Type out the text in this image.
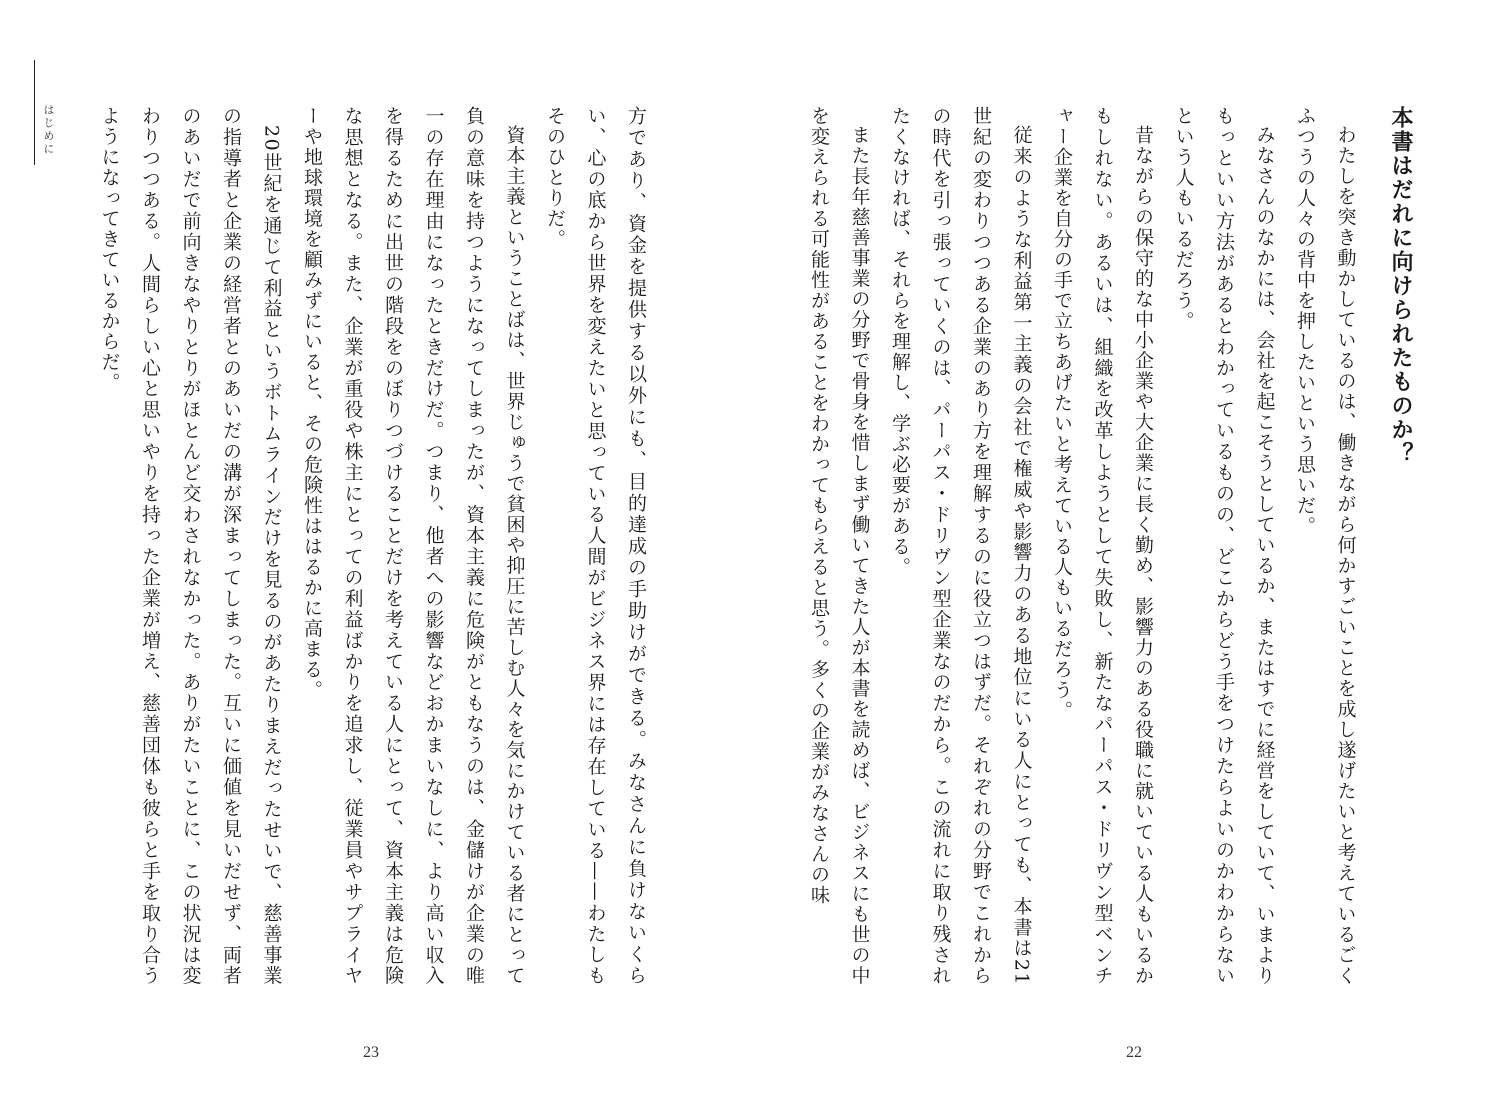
はじめに	方であり、資金を提供する以外にも、目的達成の手助けができる。みなさんに負けないくらい、心の底から世界を変えたいと思っている人間がビジネス界には存在している——わたしもそのひとりだ。

資本主義ということばは、世界じゅうで貧困や抑圧に苦しむ人々を気にかけている者にとって負の意味を持つようになってしまったが、資本主義に危険がともなうのは、金儲けが企業の唯一の存在理由になったときだけだ。つまり、他者への影響などおかまいなしに、より高い収入を得るために出世の階段をのぼりつづけることだけを考えている人にとって、資本主義は危険な思想となる。また、企業が重役や株主にとっての利益ばかりを追求し、従業員やサプライヤーや地球環境を顧みずにいると、その危険性ははるかに高まる。

20世紀を通じて利益というボトムラインだけを見るのがあたりまえだったせいで、慈善事業の指導者と企業の経営者とのあいだの溝が深まってしまった。互いに価値を見いだせず、両者のあいだで前向きなやりとりがほとんど交わされなかった。ありがたいことに、この状況は変わりつつある。人間らしい心と思いやりを持った企業が増え、慈善団体も彼らと手を取り合うようになってきているからだ。

23
本書はだれに向けられたものか？

わたしを突き動かしているのは、働きながら何かすごいことを成し遂げたいと考えているごくふつうの人々の背中を押したいという思いだ。

みなさんのなかには、会社を起こそうとしているか、またはすでに経営をしていて、いまよりもっといい方法があるとわかっているものの、どこからどう手をつけたらよいのかわからないという人もいるだろう。

昔ながらの保守的な中小企業や大企業に長く勤め、影響力のある役職に就いている人もいるかもしれない。あるいは、組織を改革しようとして失敗し、新たなパーパス・ドリヴン型ベンチャー企業を自分の手で立ちあげたいと考えている人もいるだろう。

従来のような利益第一主義の会社で権威や影響力のある地位にいる人にとっても、本書は21世紀の変わりつつある企業のあり方を理解するのに役立つはずだ。それぞれの分野でこれからの時代を引っ張っていくのは、パーパス・ドリヴン型企業なのだから。この流れに取り残されたくなければ、それらを理解し、学ぶ必要がある。

また長年慈善事業の分野で骨身を惜しまず働いてきた人が本書を読めば、ビジネスにも世の中を変えられる可能性があることをわかってもらえると思う。多くの企業がみなさんの味

22
